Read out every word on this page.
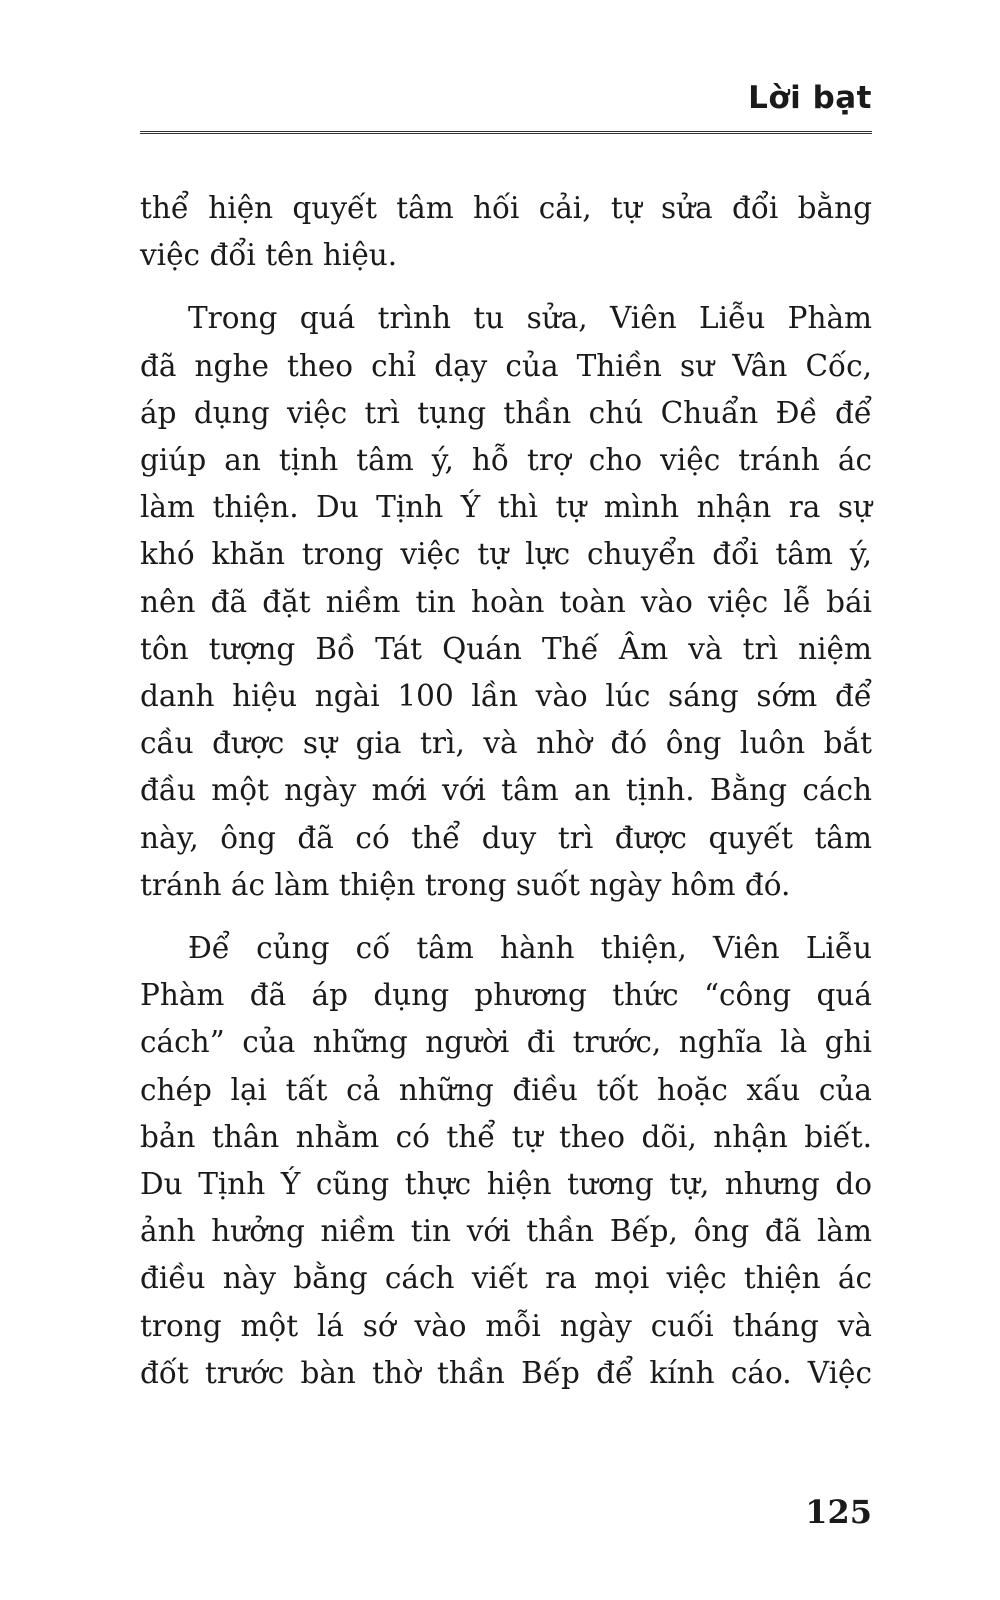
Lời bạt

thể hiện quyết tâm hối cải, tự sửa đổi bằng
việc đổi tên hiệu.

Trong quá trình tu sửa, Viên Liễu Phàm
đã nghe theo chỉ dạy của Thiền sư Vân Cốc,
áp dụng việc trì tụng thần chú Chuẩn Đề để
giúp an tịnh tâm ý, hỗ trợ cho việc tránh ác
làm thiện. Du Tịnh Ý thì tự mình nhận ra sự
khó khăn trong việc tự lực chuyển đổi tâm ý,
nên đã đặt niềm tin hoàn toàn vào việc lễ bái
tôn tượng Bồ Tát Quán Thế Âm và trì niệm
danh hiệu ngài 100 lần vào lúc sáng sớm để
cầu được sự gia trì, và nhờ đó ông luôn bắt
đầu một ngày mới với tâm an tịnh. Bằng cách
này, ông đã có thể duy trì được quyết tâm
tránh ác làm thiện trong suốt ngày hôm đó.

Để củng cố tâm hành thiện, Viên Liễu
Phàm đã áp dụng phương thức “công quá
cách” của những người đi trước, nghĩa là ghi
chép lại tất cả những điều tốt hoặc xấu của
bản thân nhằm có thể tự theo dõi, nhận biết.
Du Tịnh Ý cũng thực hiện tương tự, nhưng do
ảnh hưởng niềm tin với thần Bếp, ông đã làm
điều này bằng cách viết ra mọi việc thiện ác
trong một lá sớ vào mỗi ngày cuối tháng và
đốt trước bàn thờ thần Bếp để kính cáo. Việc

125
